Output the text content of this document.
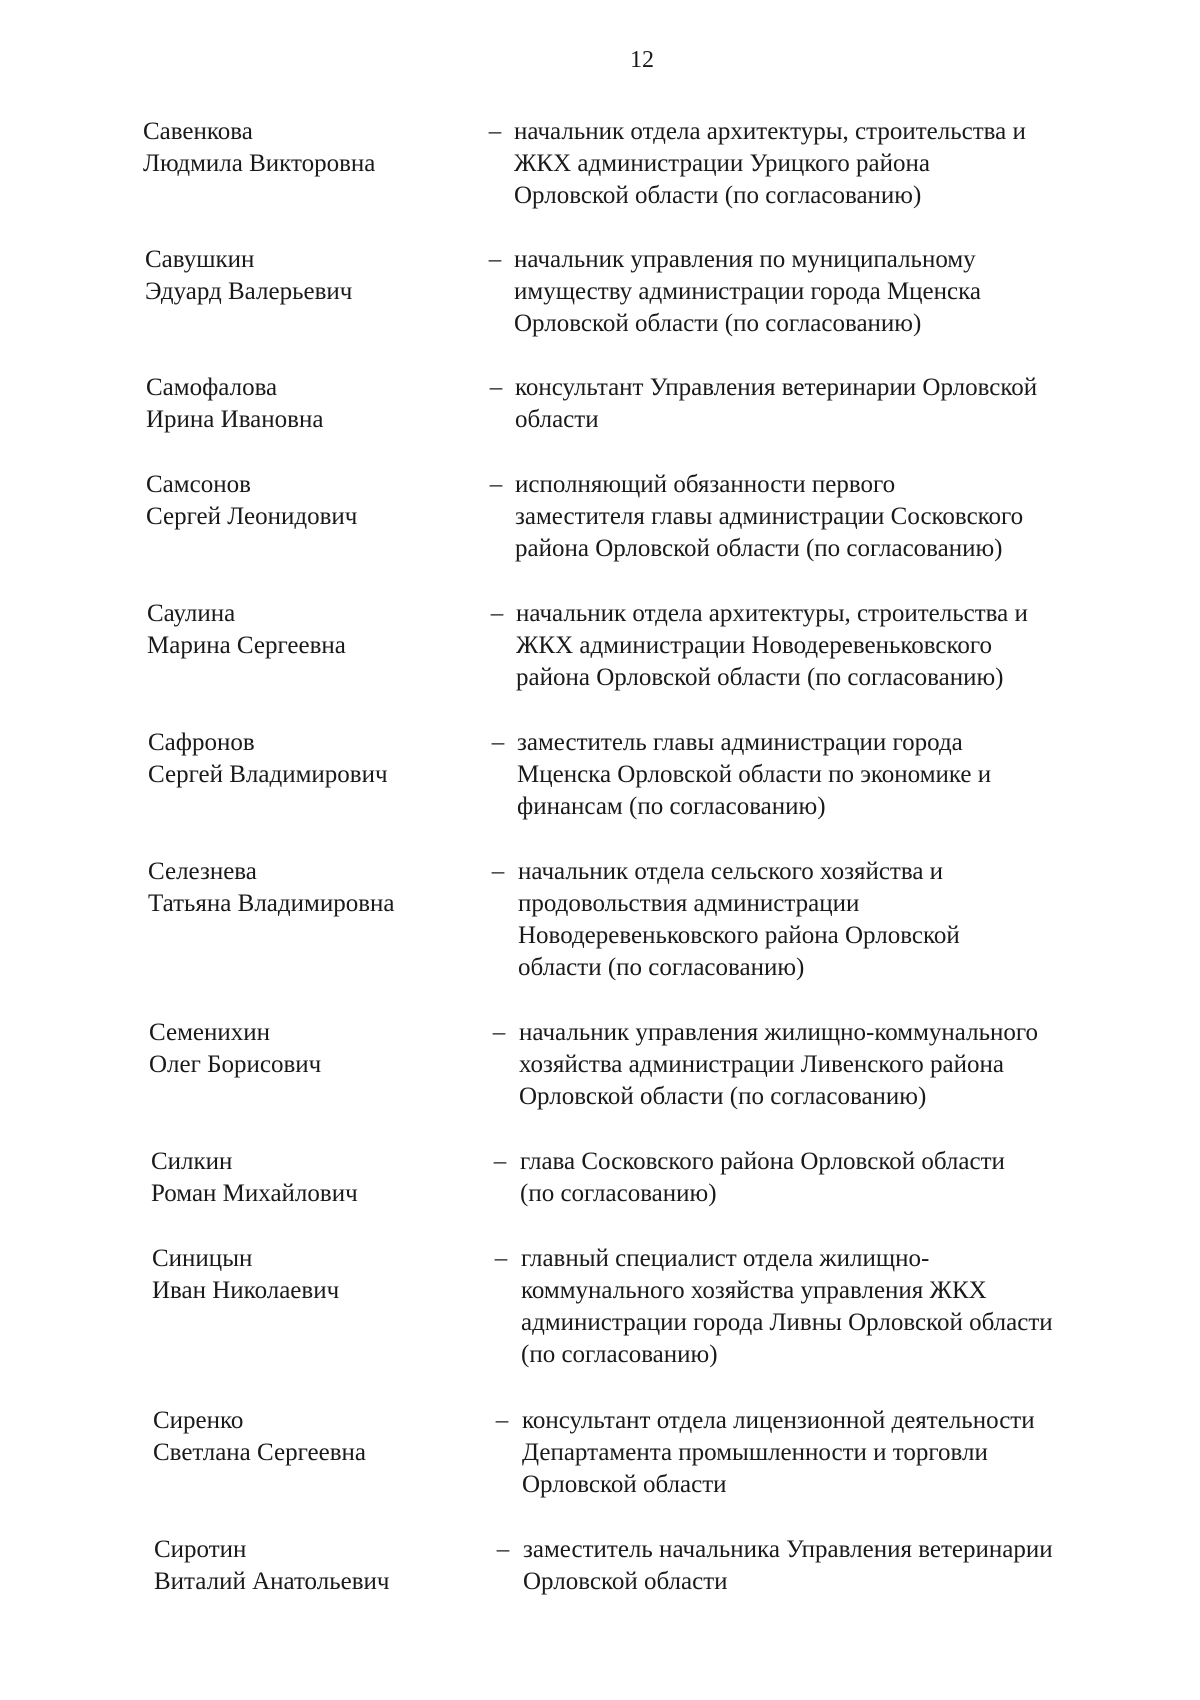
12
Савенкова
Людмила Викторовна
– начальник отдела архитектуры, строительства и
ЖКХ администрации Урицкого района
Орловской области (по согласованию)
Савушкин
Эдуард Валерьевич
– начальник управления по муниципальному
имуществу администрации города Мценска
Орловской области (по согласованию)
Самофалова
Ирина Ивановна
– консультант Управления ветеринарии Орловской
области
Самсонов
Сергей Леонидович
– исполняющий обязанности первого
заместителя главы администрации Сосковского
района Орловской области (по согласованию)
Саулина
Марина Сергеевна
– начальник отдела архитектуры, строительства и
ЖКХ администрации Новодеревеньковского
района Орловской области (по согласованию)
Сафронов
Сергей Владимирович
– заместитель главы администрации города
Мценска Орловской области по экономике и
финансам (по согласованию)
Селезнева
Татьяна Владимировна
– начальник отдела сельского хозяйства и
продовольствия администрации
Новодеревеньковского района Орловской
области (по согласованию)
Семенихин
Олег Борисович
– начальник управления жилищно-коммунального
хозяйства администрации Ливенского района
Орловской области (по согласованию)
Силкин
Роман Михайлович
– глава Сосковского района Орловской области
(по согласованию)
Синицын
Иван Николаевич
– главный специалист отдела жилищно-
коммунального хозяйства управления ЖКХ
администрации города Ливны Орловской области
(по согласованию)
Сиренко
Светлана Сергеевна
– консультант отдела лицензионной деятельности
Департамента промышленности и торговли
Орловской области
Сиротин
Виталий Анатольевич
– заместитель начальника Управления ветеринарии
Орловской области
